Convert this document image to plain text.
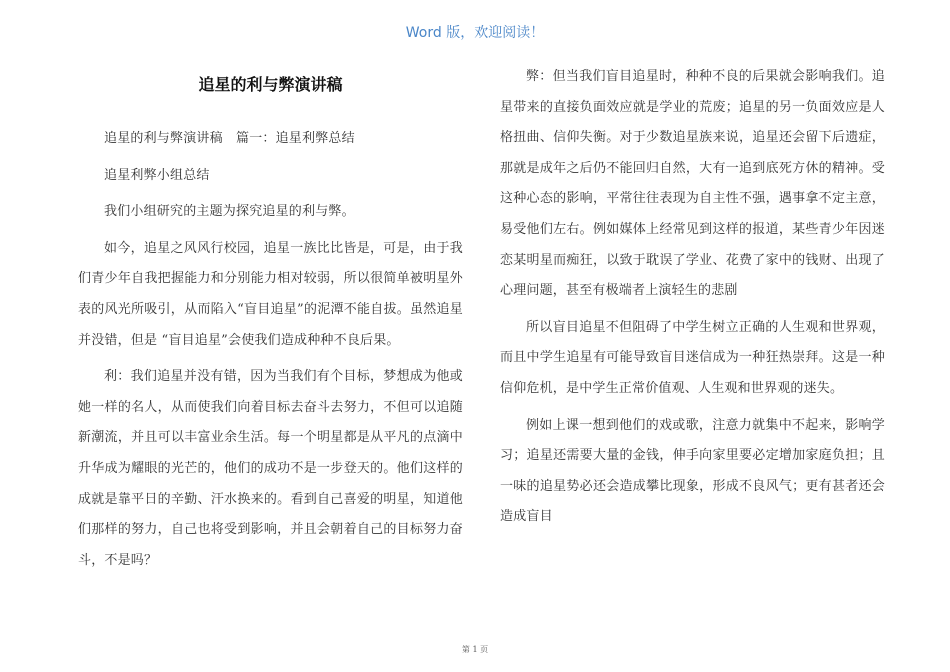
Word 版，欢迎阅读！
追星的利与弊演讲稿

追星的利与弊演讲稿　篇一：追星利弊总结

追星利弊小组总结

我们小组研究的主题为探究追星的利与弊。

如今，追星之风风行校园，追星一族比比皆是，可是，由于我们青少年自我把握能力和分别能力相对较弱，所以很简单被明星外表的风光所吸引，从而陷入“盲目追星”的泥潭不能自拔。虽然追星并没错，但是 “盲目追星”会使我们造成种种不良后果。

利：我们追星并没有错，因为当我们有个目标，梦想成为他或她一样的名人，从而使我们向着目标去奋斗去努力，不但可以追随新潮流，并且可以丰富业余生活。每一个明星都是从平凡的点滴中升华成为耀眼的光芒的，他们的成功不是一步登天的。他们这样的成就是靠平日的辛勤、汗水换来的。看到自己喜爱的明星，知道他们那样的努力，自己也将受到影响，并且会朝着自己的目标努力奋斗，不是吗？

弊：但当我们盲目追星时，种种不良的后果就会影响我们。追星带来的直接负面效应就是学业的荒废；追星的另一负面效应是人格扭曲、信仰失衡。对于少数追星族来说，追星还会留下后遗症，那就是成年之后仍不能回归自然，大有一追到底死方休的精神。受这种心态的影响，平常往往表现为自主性不强，遇事拿不定主意，易受他们左右。例如媒体上经常见到这样的报道，某些青少年因迷恋某明星而痴狂，以致于耽误了学业、花费了家中的钱财、出现了心理问题，甚至有极端者上演轻生的悲剧

所以盲目追星不但阻碍了中学生树立正确的人生观和世界观，而且中学生追星有可能导致盲目迷信成为一种狂热崇拜。这是一种信仰危机，是中学生正常价值观、人生观和世界观的迷失。

例如上课一想到他们的戏或歌，注意力就集中不起来，影响学习；追星还需要大量的金钱，伸手向家里要必定增加家庭负担；且一味的追星势必还会造成攀比现象，形成不良风气；更有甚者还会造成盲目

第 1 页
